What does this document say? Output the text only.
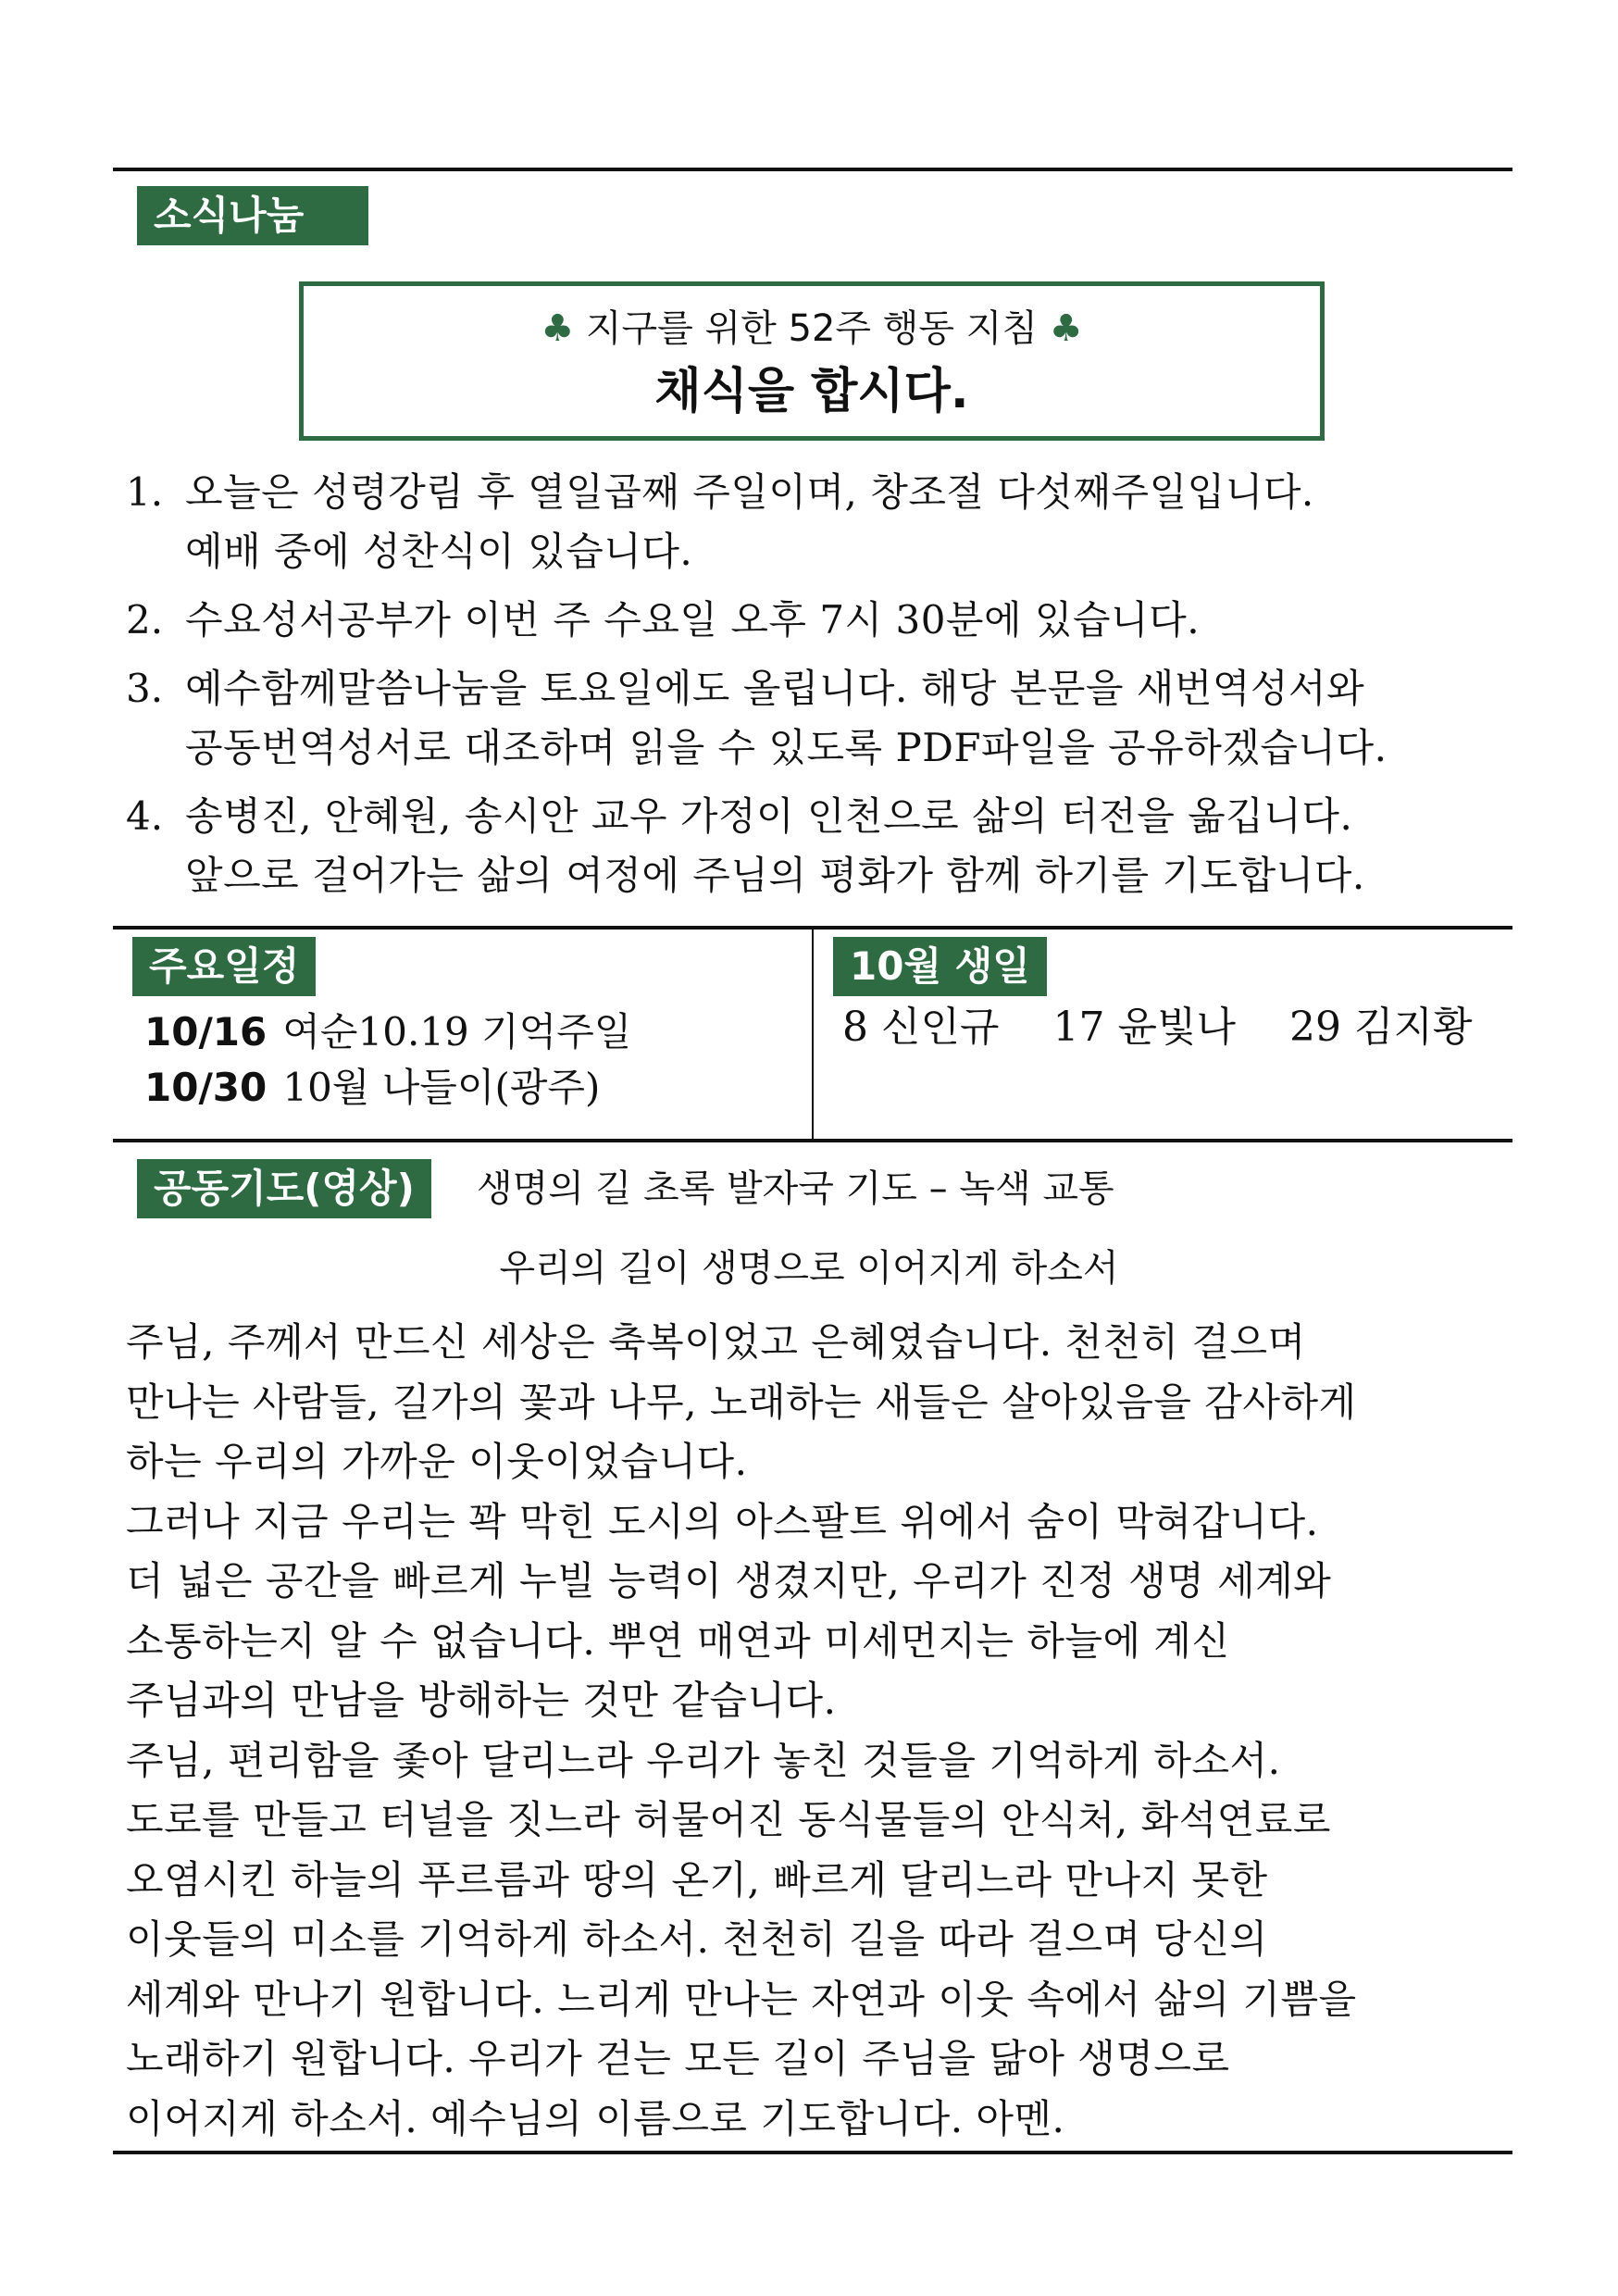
소식나눔
♣ 지구를 위한 52주 행동 지침 ♣
채식을 합시다.
1. 오늘은 성령강림 후 열일곱째 주일이며, 창조절 다섯째주일입니다.
예배 중에 성찬식이 있습니다.
2. 수요성서공부가 이번 주 수요일 오후 7시 30분에 있습니다.
3. 예수함께말씀나눔을 토요일에도 올립니다. 해당 본문을 새번역성서와
공동번역성서로 대조하며 읽을 수 있도록 PDF파일을 공유하겠습니다.
4. 송병진, 안혜원, 송시안 교우 가정이 인천으로 삶의 터전을 옮깁니다.
앞으로 걸어가는 삶의 여정에 주님의 평화가 함께 하기를 기도합니다.
주요일정
10/16 여순10.19 기억주일
10/30 10월 나들이(광주)
10월 생일
8 신인규 17 윤빛나 29 김지황
공동기도(영상)	생명의 길 초록 발자국 기도 – 녹색 교통
우리의 길이 생명으로 이어지게 하소서
주님, 주께서 만드신 세상은 축복이었고 은혜였습니다. 천천히 걸으며
만나는 사람들, 길가의 꽃과 나무, 노래하는 새들은 살아있음을 감사하게
하는 우리의 가까운 이웃이었습니다.
그러나 지금 우리는 꽉 막힌 도시의 아스팔트 위에서 숨이 막혀갑니다.
더 넓은 공간을 빠르게 누빌 능력이 생겼지만, 우리가 진정 생명 세계와
소통하는지 알 수 없습니다. 뿌연 매연과 미세먼지는 하늘에 계신
주님과의 만남을 방해하는 것만 같습니다.
주님, 편리함을 좇아 달리느라 우리가 놓친 것들을 기억하게 하소서.
도로를 만들고 터널을 짓느라 허물어진 동식물들의 안식처, 화석연료로
오염시킨 하늘의 푸르름과 땅의 온기, 빠르게 달리느라 만나지 못한
이웃들의 미소를 기억하게 하소서. 천천히 길을 따라 걸으며 당신의
세계와 만나기 원합니다. 느리게 만나는 자연과 이웃 속에서 삶의 기쁨을
노래하기 원합니다. 우리가 걷는 모든 길이 주님을 닮아 생명으로
이어지게 하소서. 예수님의 이름으로 기도합니다. 아멘.
